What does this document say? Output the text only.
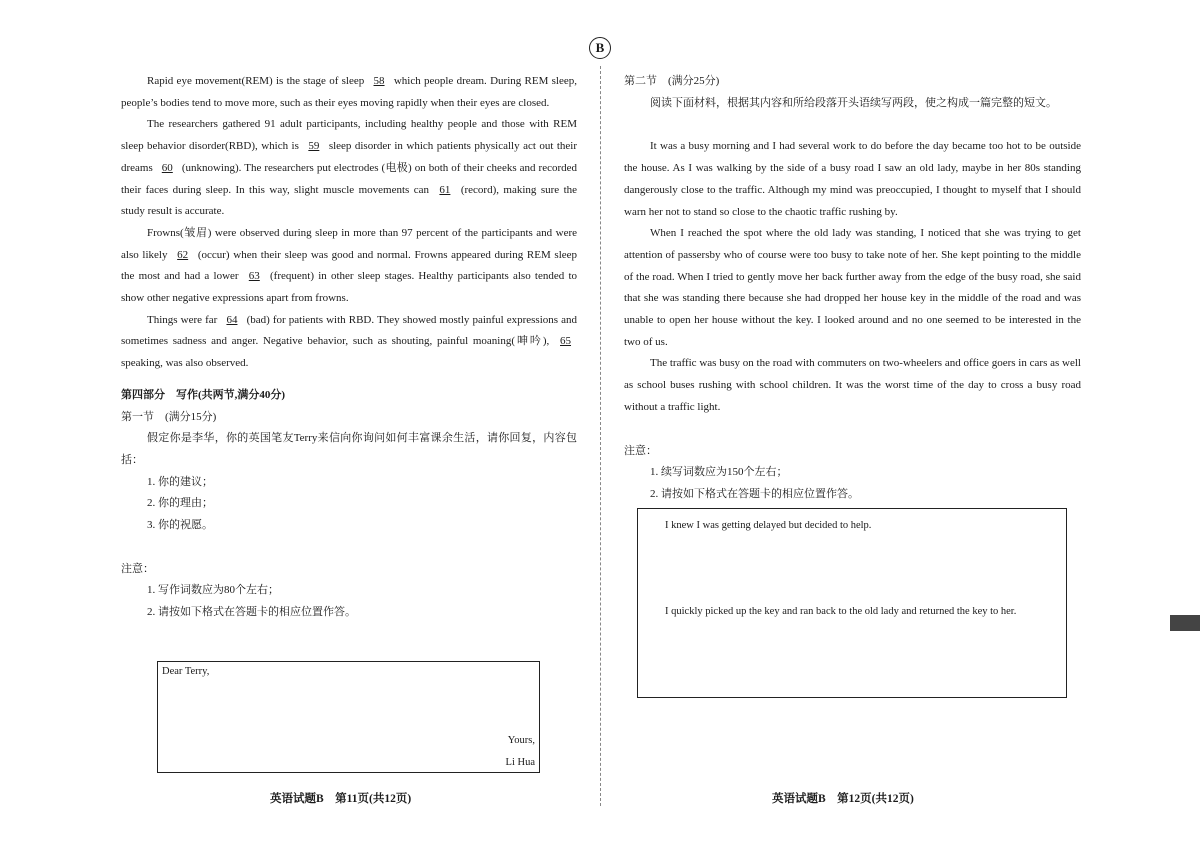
B

Rapid eye movement(REM) is the stage of sleep 58 which people dream. During REM sleep, people’s bodies tend to move more, such as their eyes moving rapidly when their eyes are closed.

The researchers gathered 91 adult participants, including healthy people and those with REM sleep behavior disorder(RBD), which is 59 sleep disorder in which patients physically act out their dreams 60 (unknowing). The researchers put electrodes (电极) on both of their cheeks and recorded their faces during sleep. In this way, slight muscle movements can 61 (record), making sure the study result is accurate.

Frowns(皱眉) were observed during sleep in more than 97 percent of the participants and were also likely 62 (occur) when their sleep was good and normal. Frowns appeared during REM sleep the most and had a lower 63 (frequent) in other sleep stages. Healthy participants also tended to show other negative expressions apart from frowns.

Things were far 64 (bad) for patients with RBD. They showed mostly painful expressions and sometimes sadness and anger. Negative behavior, such as shouting, painful moaning(呻吟), 65 speaking, was also observed.

第四部分　写作(共两节,满分40分)

第一节　(满分15分)

假定你是李华，你的英国笔友Terry来信向你询问如何丰富课余生活，请你回复，内容包括：

1. 你的建议；
2. 你的理由；
3. 你的祝愿。

注意：

1. 写作词数应为80个左右；
2. 请按如下格式在答题卡的相应位置作答。
Dear Terry,
Yours,
Li Hua
英语试题B　第11页(共12页)

第二节　(满分25分)

阅读下面材料，根据其内容和所给段落开头语续写两段，使之构成一篇完整的短文。

It was a busy morning and I had several work to do before the day became too hot to be outside the house. As I was walking by the side of a busy road I saw an old lady, maybe in her 80s standing dangerously close to the traffic. Although my mind was preoccupied, I thought to myself that I should warn her not to stand so close to the chaotic traffic rushing by.

When I reached the spot where the old lady was standing, I noticed that she was trying to get attention of passersby who of course were too busy to take note of her. She kept pointing to the middle of the road. When I tried to gently move her back further away from the edge of the busy road, she said that she was standing there because she had dropped her house key in the middle of the road and was unable to open her house without the key. I looked around and no one seemed to be interested in the two of us.

The traffic was busy on the road with commuters on two-wheelers and office goers in cars as well as school buses rushing with school children. It was the worst time of the day to cross a busy road without a traffic light.

注意：

1. 续写词数应为150个左右；
2. 请按如下格式在答题卡的相应位置作答。
I knew I was getting delayed but decided to help.
I quickly picked up the key and ran back to the old lady and returned the key to her.
英语试题B　第12页(共12页)
